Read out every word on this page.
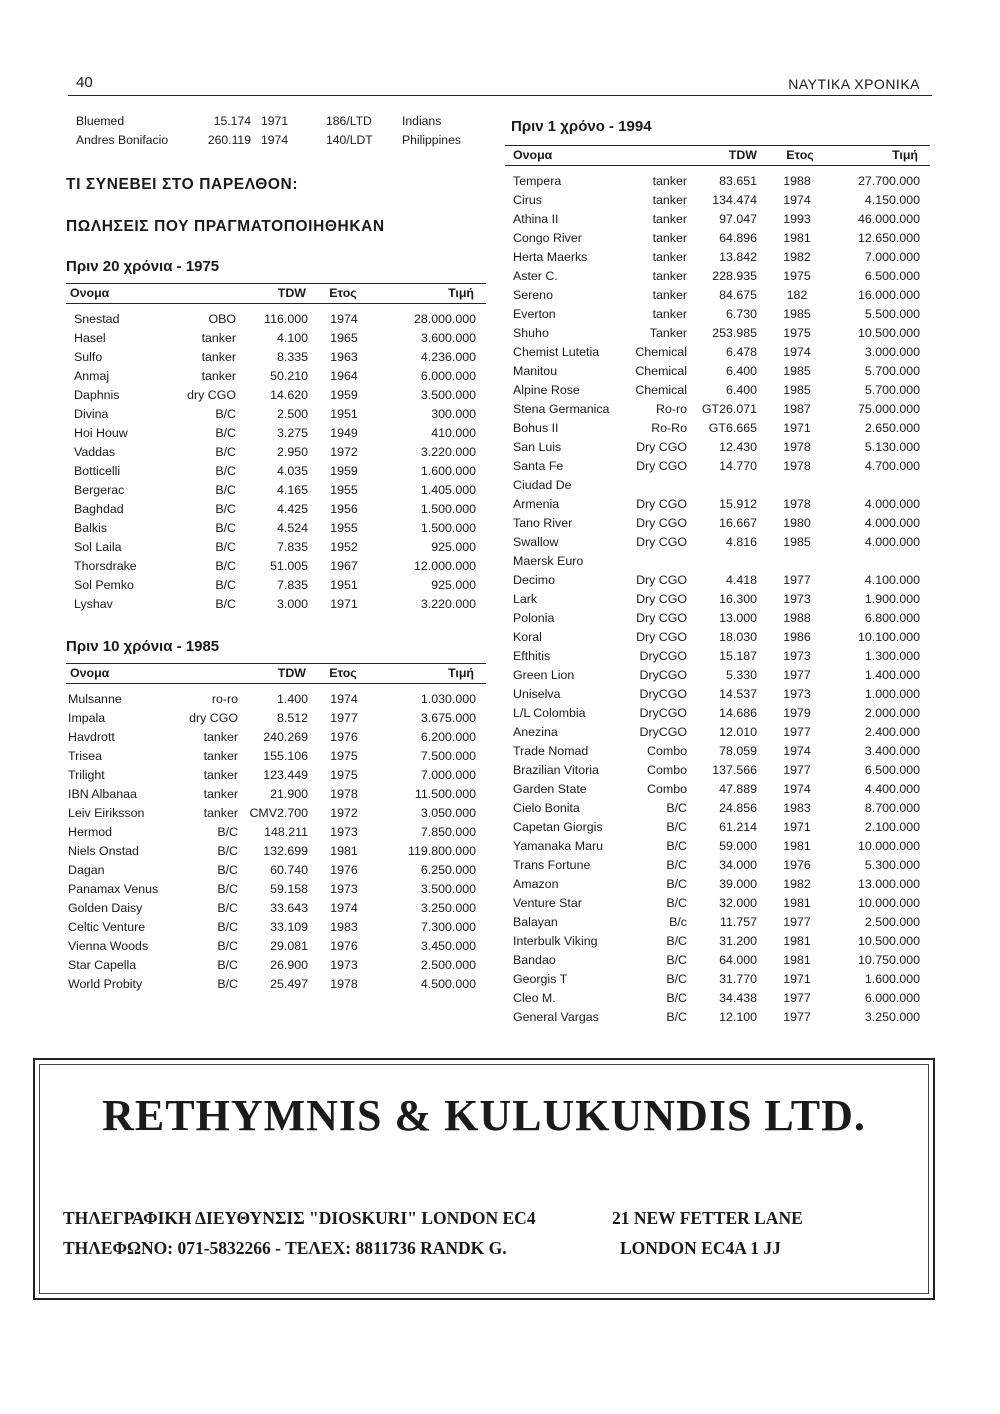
40	ΝΑΥΤΙΚΑ ΧΡΟΝΙΚΑ
Bluemed	15.174	1971	186/LTD	Indians	
Andres Bonifacio	260.119	1974	140/LDT	Philippines	
ΤΙ ΣΥΝΕΒΕΙ ΣΤΟ ΠΑΡΕΛΘΟΝ:
ΠΩΛΗΣΕΙΣ ΠΟΥ ΠΡΑΓΜΑΤΟΠΟΙΗΘΗΚΑΝ
Πριν 20 χρόνια - 1975
Ονομα		TDW	Ετος	Τιμή
Snestad	OBO	116.000	1974	28.000.000	
Hasel	tanker	4.100	1965	3.600.000	
Sulfo	tanker	8.335	1963	4.236.000	
Anmaj	tanker	50.210	1964	6.000.000	
Daphnis	dry CGO	14.620	1959	3.500.000	
Divina	B/C	2.500	1951	300.000	
Hoi Houw	B/C	3.275	1949	410.000	
Vaddas	B/C	2.950	1972	3.220.000	
Botticelli	B/C	4.035	1959	1.600.000	
Bergerac	B/C	4.165	1955	1.405.000	
Baghdad	B/C	4.425	1956	1.500.000	
Balkis	B/C	4.524	1955	1.500.000	
Sol Laila	B/C	7.835	1952	925.000	
Thorsdrake	B/C	51.005	1967	12.000.000	
Sol Pemko	B/C	7.835	1951	925.000	
Lyshav	B/C	3.000	1971	3.220.000	
Πριν 10 χρόνια - 1985
Ονομα		TDW	Ετος	Τιμή
Mulsanne	ro-ro	1.400	1974	1.030.000	
Impala	dry CGO	8.512	1977	3.675.000	
Havdrott	tanker	240.269	1976	6.200.000	
Trisea	tanker	155.106	1975	7.500.000	
Trilight	tanker	123.449	1975	7.000.000	
IBN Albanaa	tanker	21.900	1978	11.500.000	
Leiv Eiriksson	tanker	CMV2.700	1972	3.050.000	
Hermod	B/C	148.211	1973	7.850.000	
Niels Onstad	B/C	132.699	1981	119.800.000	
Dagan	B/C	60.740	1976	6.250.000	
Panamax Venus	B/C	59.158	1973	3.500.000	
Golden Daisy	B/C	33.643	1974	3.250.000	
Celtic Venture	B/C	33.109	1983	7.300.000	
Vienna Woods	B/C	29.081	1976	3.450.000	
Star Capella	B/C	26.900	1973	2.500.000	
World Probity	B/C	25.497	1978	4.500.000	
Πριν 1 χρόνο - 1994
Ονομα		TDW	Ετος	Τιμή
Tempera	tanker	83.651	1988	27.700.000	
Cirus	tanker	134.474	1974	4.150.000	
Athina II	tanker	97.047	1993	46.000.000	
Congo River	tanker	64.896	1981	12.650.000	
Herta Maerks	tanker	13.842	1982	7.000.000	
Aster C.	tanker	228.935	1975	6.500.000	
Sereno	tanker	84.675	182	16.000.000	
Everton	tanker	6.730	1985	5.500.000	
Shuho	Tanker	253.985	1975	10.500.000	
Chemist Lutetia	Chemical	6.478	1974	3.000.000	
Manitou	Chemical	6.400	1985	5.700.000	
Alpine Rose	Chemical	6.400	1985	5.700.000	
Stena Germanica	Ro-ro	GT26.071	1987	75.000.000	
Bohus II	Ro-Ro	GT6.665	1971	2.650.000	
San Luis	Dry CGO	12.430	1978	5.130.000	
Santa Fe	Dry CGO	14.770	1978	4.700.000	
Ciudad De					
Armenia	Dry CGO	15.912	1978	4.000.000	
Tano River	Dry CGO	16.667	1980	4.000.000	
Swallow	Dry CGO	4.816	1985	4.000.000	
Maersk Euro					
Decimo	Dry CGO	4.418	1977	4.100.000	
Lark	Dry CGO	16.300	1973	1.900.000	
Polonia	Dry CGO	13.000	1988	6.800.000	
Koral	Dry CGO	18.030	1986	10.100.000	
Efthitis	DryCGO	15.187	1973	1.300.000	
Green Lion	DryCGO	5.330	1977	1.400.000	
Uniselva	DryCGO	14.537	1973	1.000.000	
L/L Colombia	DryCGO	14.686	1979	2.000.000	
Anezina	DryCGO	12.010	1977	2.400.000	
Trade Nomad	Combo	78.059	1974	3.400.000	
Brazilian Vitoria	Combo	137.566	1977	6.500.000	
Garden State	Combo	47.889	1974	4.400.000	
Cielo Bonita	B/C	24.856	1983	8.700.000	
Capetan Giorgis	B/C	61.214	1971	2.100.000	
Yamanaka Maru	B/C	59.000	1981	10.000.000	
Trans Fortune	B/C	34.000	1976	5.300.000	
Amazon	B/C	39.000	1982	13.000.000	
Venture Star	B/C	32.000	1981	10.000.000	
Balayan	B/c	11.757	1977	2.500.000	
Interbulk Viking	B/C	31.200	1981	10.500.000	
Bandao	B/C	64.000	1981	10.750.000	
Georgis T	B/C	31.770	1971	1.600.000	
Cleo M.	B/C	34.438	1977	6.000.000	
General Vargas	B/C	12.100	1977	3.250.000	
RETHYMNIS & KULUKUNDIS LTD.
ΤΗΛΕΓΡΑΦΙΚΗ ΔΙΕΥΘΥΝΣΙΣ "DIOSKURI" LONDON EC4
ΤΗΛΕΦΩΝΟ: 071-5832266 - ΤΕΛΕΧ: 8811736 RANDK G.
21 NEW FETTER LANE
LONDON EC4A 1 JJ
